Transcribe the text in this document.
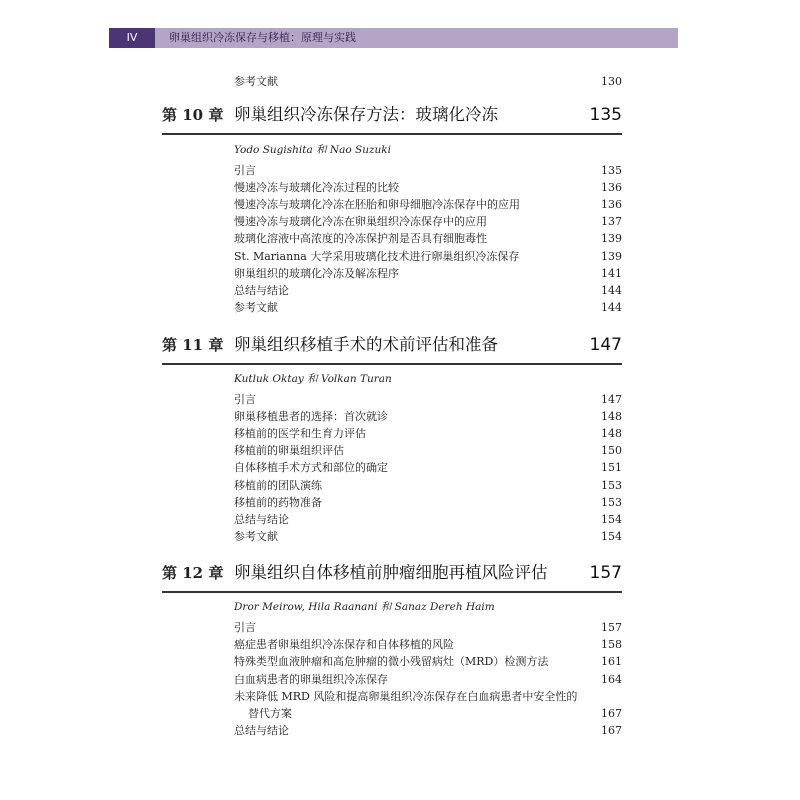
IV	卵巢组织冷冻保存与移植：原理与实践
参考文献	130
第 10 章 卵巢组织冷冻保存方法：玻璃化冷冻	135
Yodo Sugishita 和 Nao Suzuki
引言	135
慢速冷冻与玻璃化冷冻过程的比较	136
慢速冷冻与玻璃化冷冻在胚胎和卵母细胞冷冻保存中的应用	136
慢速冷冻与玻璃化冷冻在卵巢组织冷冻保存中的应用	137
玻璃化溶液中高浓度的冷冻保护剂是否具有细胞毒性	139
St. Marianna 大学采用玻璃化技术进行卵巢组织冷冻保存	139
卵巢组织的玻璃化冷冻及解冻程序	141
总结与结论	144
参考文献	144
第 11 章 卵巢组织移植手术的术前评估和准备	147
Kutluk Oktay 和 Volkan Turan
引言	147
卵巢移植患者的选择：首次就诊	148
移植前的医学和生育力评估	148
移植前的卵巢组织评估	150
自体移植手术方式和部位的确定	151
移植前的团队演练	153
移植前的药物准备	153
总结与结论	154
参考文献	154
第 12 章 卵巢组织自体移植前肿瘤细胞再植风险评估 157
Dror Meirow, Hila Raanani 和 Sanaz Dereh Haim
引言	157
癌症患者卵巢组织冷冻保存和自体移植的风险	158
特殊类型血液肿瘤和高危肿瘤的微小残留病灶（MRD）检测方法	161
白血病患者的卵巢组织冷冻保存	164
未来降低 MRD 风险和提高卵巢组织冷冻保存在白血病患者中安全性的
替代方案	167
总结与结论	167
